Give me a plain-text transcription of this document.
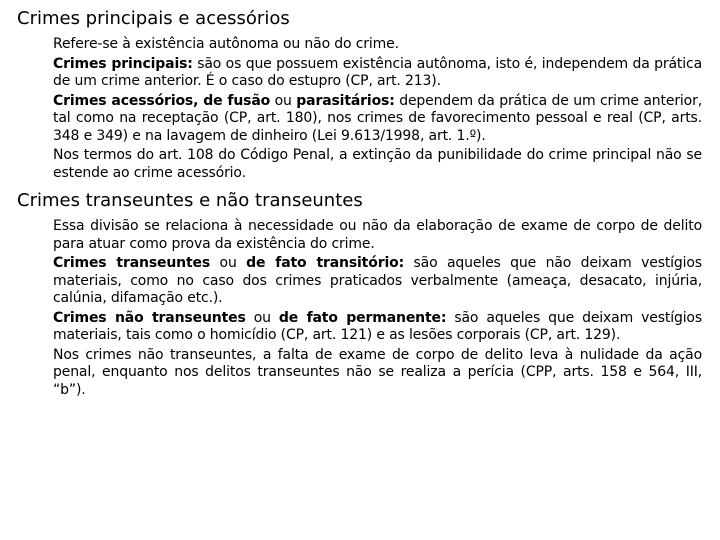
Crimes principais e acessórios

Refere-se à existência autônoma ou não do crime.

Crimes principais: são os que possuem existência autônoma, isto é, independem da prática de um crime anterior. É o caso do estupro (CP, art. 213).

Crimes acessórios, de fusão ou parasitários: dependem da prática de um crime anterior, tal como na receptação (CP, art. 180), nos crimes de favorecimento pessoal e real (CP, arts. 348 e 349) e na lavagem de dinheiro (Lei 9.613/1998, art. 1.º).

Nos termos do art. 108 do Código Penal, a extinção da punibilidade do crime principal não se estende ao crime acessório.

Crimes transeuntes e não transeuntes

Essa divisão se relaciona à necessidade ou não da elaboração de exame de corpo de delito para atuar como prova da existência do crime.

Crimes transeuntes ou de fato transitório: são aqueles que não deixam vestígios materiais, como no caso dos crimes praticados verbalmente (ameaça, desacato, injúria, calúnia, difamação etc.).

Crimes não transeuntes ou de fato permanente: são aqueles que deixam vestígios materiais, tais como o homicídio (CP, art. 121) e as lesões corporais (CP, art. 129).

Nos crimes não transeuntes, a falta de exame de corpo de delito leva à nulidade da ação penal, enquanto nos delitos transeuntes não se realiza a perícia (CPP, arts. 158 e 564, III, “b”).
